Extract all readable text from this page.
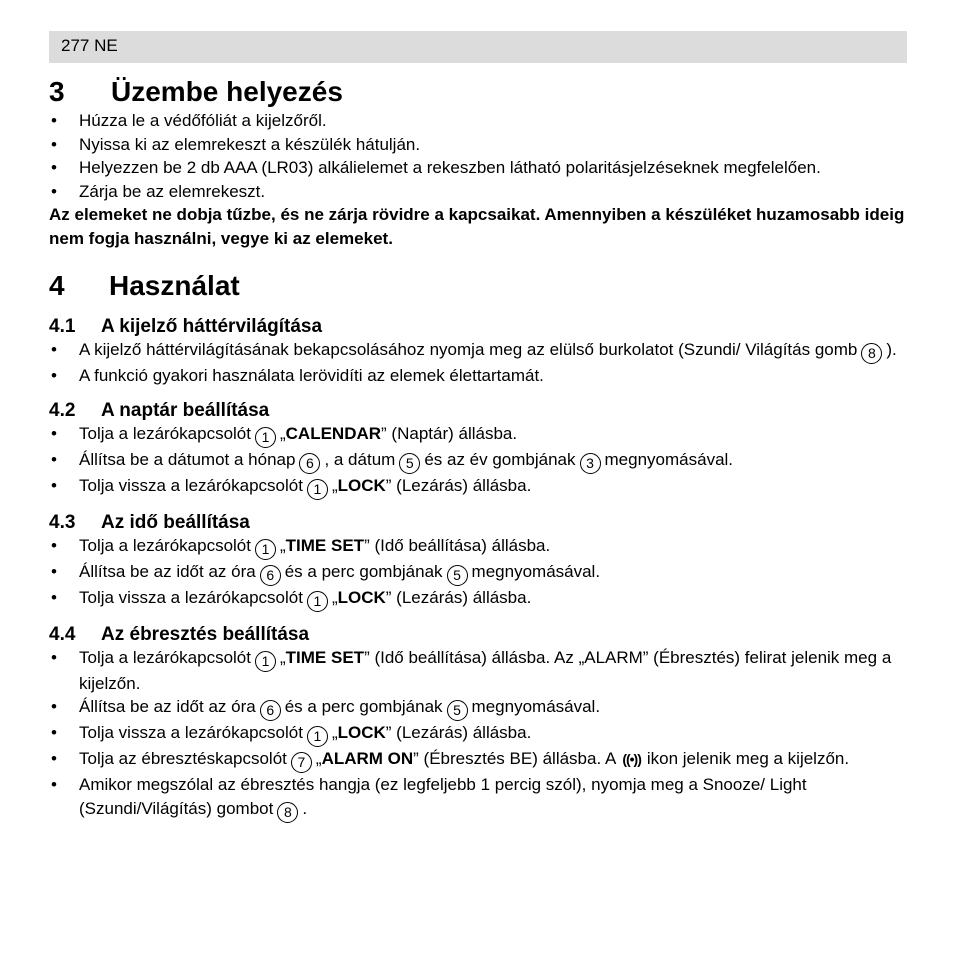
277 NE
3	Üzembe helyezés
• Húzza le a védőfóliát a kijelzőről.
• Nyissa ki az elemrekeszt a készülék hátulján.
• Helyezzen be 2 db AAA (LR03) alkálielemet a rekeszben látható polaritásjelzéseknek megfelelően.
• Zárja be az elemrekeszt.
Az elemeket ne dobja tűzbe, és ne zárja rövidre a kapcsaikat. Amennyiben a készüléket huzamosabb ideig nem fogja használni, vegye ki az elemeket.
4	Használat
4.1	A kijelző háttérvilágítása
• A kijelző háttérvilágításának bekapcsolásához nyomja meg az elülső burkolatot (Szundi/ Világítás gomb 8 ).
• A funkció gyakori használata lerövidíti az elemek élettartamát.
4.2	A naptár beállítása
• Tolja a lezárókapcsolót 1 „CALENDAR” (Naptár) állásba.
• Állítsa be a dátumot a hónap 6 , a dátum 5 és az év gombjának 3 megnyomásával.
• Tolja vissza a lezárókapcsolót 1 „LOCK” (Lezárás) állásba.
4.3	Az idő beállítása
• Tolja a lezárókapcsolót 1 „TIME SET” (Idő beállítása) állásba.
• Állítsa be az időt az óra 6 és a perc gombjának 5 megnyomásával.
• Tolja vissza a lezárókapcsolót 1 „LOCK” (Lezárás) állásba.
4.4	Az ébresztés beállítása
• Tolja a lezárókapcsolót 1 „TIME SET” (Idő beállítása) állásba. Az „ALARM” (Ébresztés) felirat jelenik meg a kijelzőn.
• Állítsa be az időt az óra 6 és a perc gombjának 5 megnyomásával.
• Tolja vissza a lezárókapcsolót 1 „LOCK” (Lezárás) állásba.
• Tolja az ébresztéskapcsolót 7 „ALARM ON” (Ébresztés BE) állásba. A ((•)) ikon jelenik meg a kijelzőn.
• Amikor megszólal az ébresztés hangja (ez legfeljebb 1 percig szól), nyomja meg a Snooze/ Light (Szundi/Világítás) gombot 8 .
